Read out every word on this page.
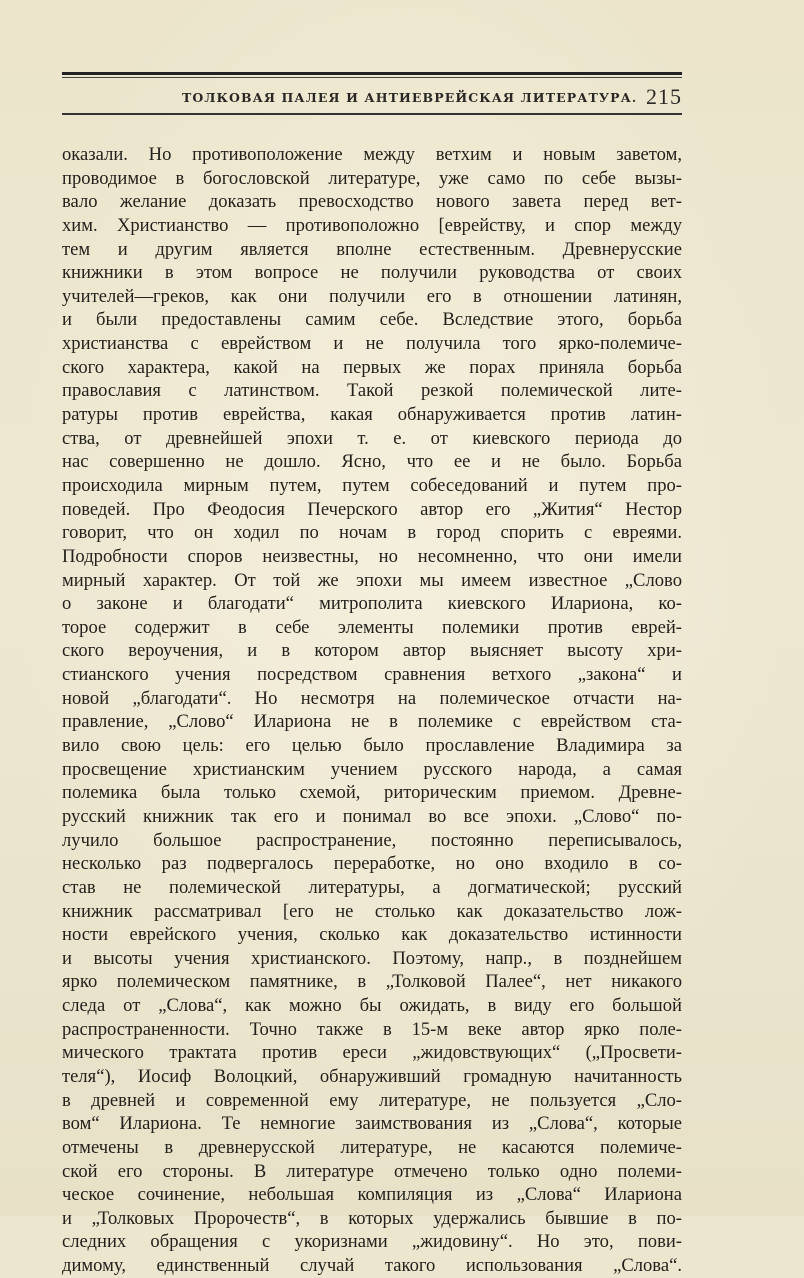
ТОЛКОВАЯ ПАЛЕЯ И АНТИЕВРЕЙСКАЯ ЛИТЕРАТУРА. 215
оказали. Но противоположение между ветхим и новым заветом,
проводимое в богословской литературе, уже само по себе вызы-
вало желание доказать превосходство нового завета перед вет-
хим. Христианство — противоположно [еврейству, и спор между
тем и другим является вполне естественным. Древнерусские
книжники в этом вопросе не получили руководства от своих
учителей—греков, как они получили его в отношении латинян,
и были предоставлены самим себе. Вследствие этого, борьба
христианства с еврейством и не получила того ярко-полемиче-
ского характера, какой на первых же порах приняла борьба
православия с латинством. Такой резкой полемической лите-
ратуры против еврейства, какая обнаруживается против латин-
ства, от древнейшей эпохи т. е. от киевского периода до
нас совершенно не дошло. Ясно, что ее и не было. Борьба
происходила мирным путем, путем собеседований и путем про-
поведей. Про Феодосия Печерского автор его „Жития“ Нестор
говорит, что он ходил по ночам в город спорить с евреями.
Подробности споров неизвестны, но несомненно, что они имели
мирный характер. От той же эпохи мы имеем известное „Слово
о законе и благодати“ митрополита киевского Илариона, ко-
торое содержит в себе элементы полемики против еврей-
ского вероучения, и в котором автор выясняет высоту хри-
стианского учения посредством сравнения ветхого „закона“ и
новой „благодати“. Но несмотря на полемическое отчасти на-
правление, „Слово“ Илариона не в полемике с еврейством ста-
вило свою цель: его целью было прославление Владимира за
просвещение христианским учением русского народа, а самая
полемика была только схемой, риторическим приемом. Древне-
русский книжник так его и понимал во все эпохи. „Слово“ по-
лучило большое распространение, постоянно переписывалось,
несколько раз подвергалось переработке, но оно входило в со-
став не полемической литературы, а догматической; русский
книжник рассматривал [его не столько как доказательство лож-
ности еврейского учения, сколько как доказательство истинности
и высоты учения христианского. Поэтому, напр., в позднейшем
ярко полемическом памятнике, в „Толковой Палее“, нет никакого
следа от „Слова“, как можно бы ожидать, в виду его большой
распространенности. Точно также в 15-м веке автор ярко поле-
мического трактата против ереси „жидовствующих“ („Просвети-
теля“), Иосиф Волоцкий, обнаруживший громадную начитанность
в древней и современной ему литературе, не пользуется „Сло-
вом“ Илариона. Те немногие заимствования из „Слова“, которые
отмечены в древнерусской литературе, не касаются полемиче-
ской его стороны. В литературе отмечено только одно полеми-
ческое сочинение, небольшая компиляция из „Слова“ Илариона
и „Толковых Пророчеств“, в которых удержались бывшие в по-
следних обращения с укоризнами „жидовину“. Но это, пови-
димому, единственный случай такого использования „Слова“.
